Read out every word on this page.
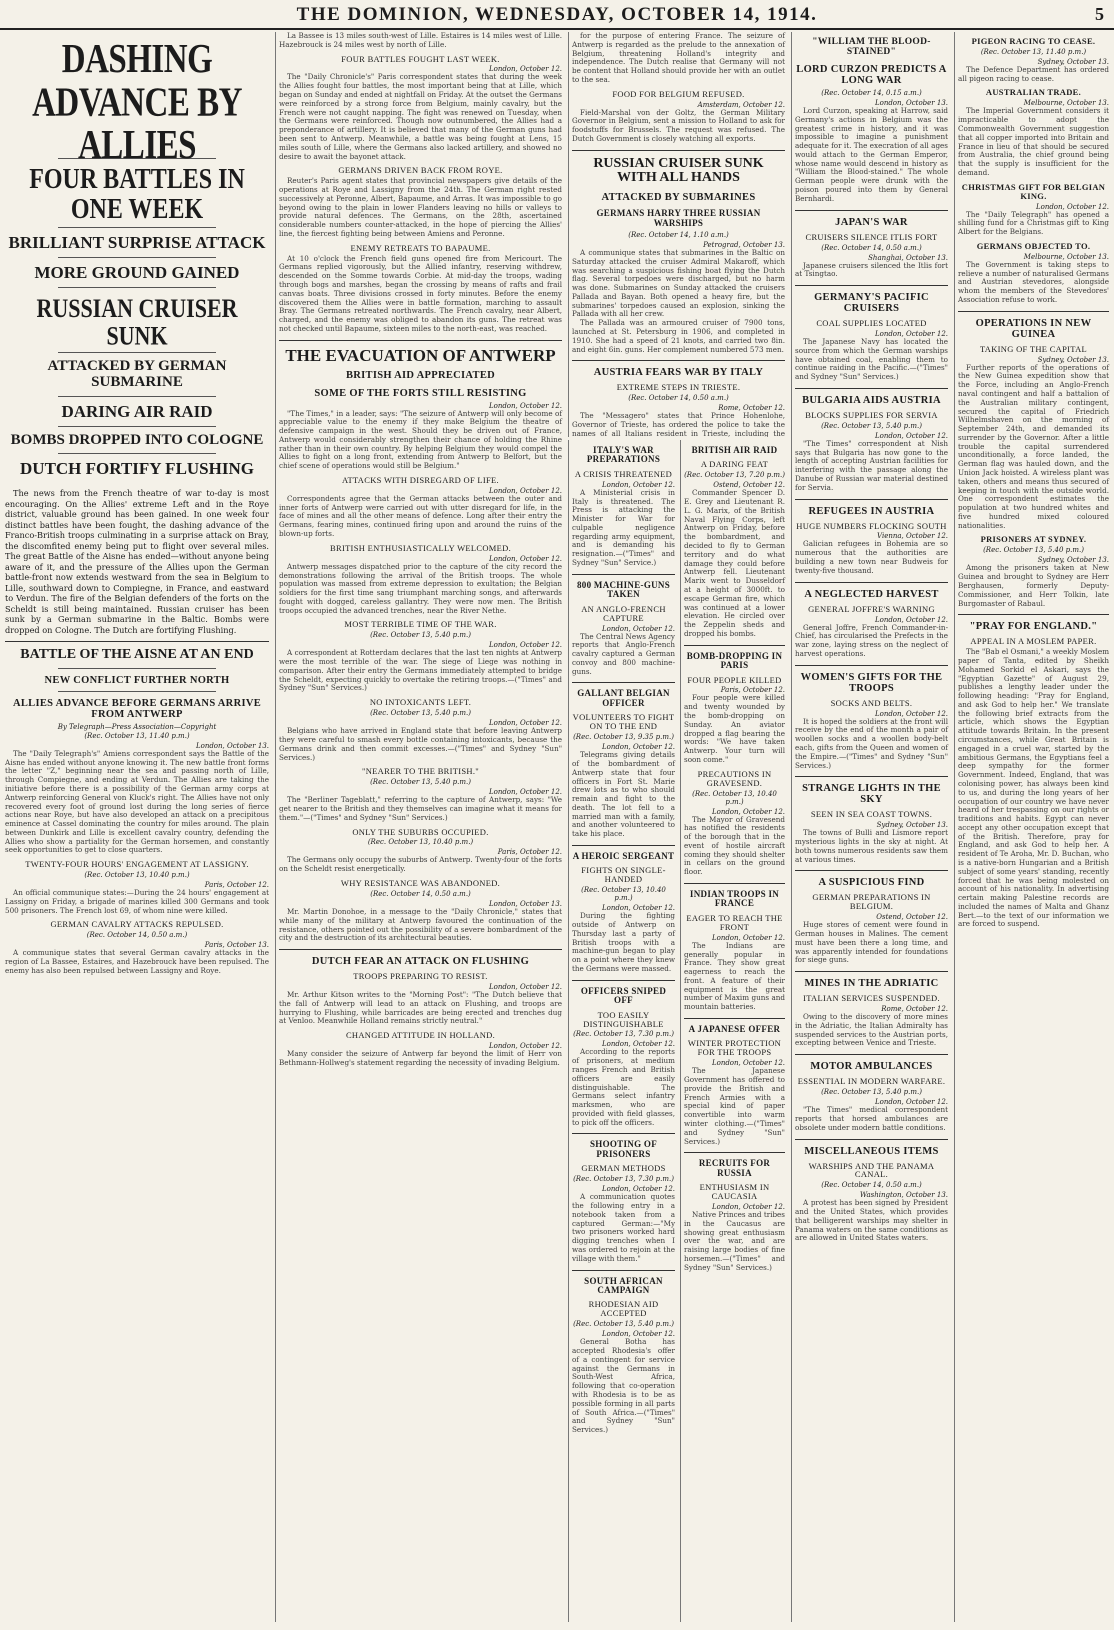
THE DOMINION, WEDNESDAY, OCTOBER 14, 1914.	5
DASHING ADVANCE BY ALLIES
FOUR BATTLES IN ONE WEEK
BRILLIANT SURPRISE ATTACK
MORE GROUND GAINED
RUSSIAN CRUISER SUNK
ATTACKED BY GERMAN SUBMARINE
DARING AIR RAID
BOMBS DROPPED INTO COLOGNE
DUTCH FORTIFY FLUSHING

The news from the French theatre of war to-day is most encouraging. On the Allies' extreme Left and in the Roye district, valuable ground has been gained. In one week four distinct battles have been fought, the dashing advance of the Franco-British troops culminating in a surprise attack on Bray, the discomfited enemy being put to flight over several miles. The great Battle of the Aisne has ended—without anyone being aware of it, and the pressure of the Allies upon the German battle-front now extends westward from the sea in Belgium to Lille, southward down to Compiegne, in France, and eastward to Verdun. The fire of the Belgian defenders of the forts on the Scheldt is still being maintained. Russian cruiser has been sunk by a German submarine in the Baltic. Bombs were dropped on Cologne. The Dutch are fortifying Flushing.

BATTLE OF THE AISNE AT AN END
NEW CONFLICT FURTHER NORTH
ALLIES ADVANCE BEFORE GERMANS ARRIVE FROM ANTWERP

By Telegraph—Press Association—Copyright

(Rec. October 13, 11.40 p.m.)

London, October 13.

The "Daily Telegraph's" Amiens correspondent says the Battle of the Aisne has ended without anyone knowing it. The new battle front forms the letter "Z," beginning near the sea and passing north of Lille, through Compiegne, and ending at Verdun. The Allies are taking the initiative before there is a possibility of the German army corps at Antwerp reinforcing General von Kluck's right. The Allies have not only recovered every foot of ground lost during the long series of fierce actions near Roye, but have also developed an attack on a precipitous eminence at Cassel dominating the country for miles around. The plain between Dunkirk and Lille is excellent cavalry country, defending the Allies who show a partiality for the German horsemen, and constantly seek opportunities to get to close quarters.

TWENTY-FOUR HOURS' ENGAGEMENT AT LASSIGNY.

(Rec. October 13, 10.40 p.m.)

Paris, October 12.

An official communique states:—During the 24 hours' engagement at Lassigny on Friday, a brigade of marines killed 300 Germans and took 500 prisoners. The French lost 69, of whom nine were killed.

GERMAN CAVALRY ATTACKS REPULSED.

(Rec. October 14, 0.50 a.m.)

Paris, October 13.

A communique states that several German cavalry attacks in the region of La Bassee, Estaires, and Hazebrouck have been repulsed. The enemy has also been repulsed between Lassigny and Roye.

La Bassee is 13 miles south-west of Lille. Estaires is 14 miles west of Lille. Hazebrouck is 24 miles west by north of Lille.

FOUR BATTLES FOUGHT LAST WEEK.

London, October 12.

The "Daily Chronicle's" Paris correspondent states that during the week the Allies fought four battles, the most important being that at Lille, which began on Sunday and ended at nightfall on Friday. At the outset the Germans were reinforced by a strong force from Belgium, mainly cavalry, but the French were not caught napping. The fight was renewed on Tuesday, when the Germans were reinforced. Though now outnumbered, the Allies had a preponderance of artillery. It is believed that many of the German guns had been sent to Antwerp. Meanwhile, a battle was being fought at Lens, 15 miles south of Lille, where the Germans also lacked artillery, and showed no desire to await the bayonet attack.

GERMANS DRIVEN BACK FROM ROYE.

Reuter's Paris agent states that provincial newspapers give details of the operations at Roye and Lassigny from the 24th. The German right rested successively at Peronne, Albert, Bapaume, and Arras. It was impossible to go beyond owing to the plain in lower Flanders leaving no hills or valleys to provide natural defences. The Germans, on the 28th, ascertained considerable numbers counter-attacked, in the hope of piercing the Allies' line, the fiercest fighting being between Amiens and Peronne.

ENEMY RETREATS TO BAPAUME.

At 10 o'clock the French field guns opened fire from Mericourt. The Germans replied vigorously, but the Allied infantry, reserving withdrew, descended on the Somme towards Corbie. At mid-day the troops, wading through bogs and marshes, began the crossing by means of rafts and frail canvas boats. Three divisions crossed in forty minutes. Before the enemy discovered them the Allies were in battle formation, marching to assault Bray. The Germans retreated northwards. The French cavalry, near Albert, charged, and the enemy was obliged to abandon its guns. The retreat was not checked until Bapaume, sixteen miles to the north-east, was reached.

THE EVACUATION OF ANTWERP
BRITISH AID APPRECIATED
SOME OF THE FORTS STILL RESISTING

London, October 12.

"The Times," in a leader, says: "The seizure of Antwerp will only become of appreciable value to the enemy if they make Belgium the theatre of defensive campaign in the west. Should they be driven out of France, Antwerp would considerably strengthen their chance of holding the Rhine rather than in their own country. By helping Belgium they would compel the Allies to fight on a long front, extending from Antwerp to Belfort, but the chief scene of operations would still be Belgium."

ATTACKS WITH DISREGARD OF LIFE.

London, October 12.

Correspondents agree that the German attacks between the outer and inner forts of Antwerp were carried out with utter disregard for life, in the face of mines and all the other means of defence. Long after their entry the Germans, fearing mines, continued firing upon and around the ruins of the blown-up forts.

BRITISH ENTHUSIASTICALLY WELCOMED.

London, October 12.

Antwerp messages dispatched prior to the capture of the city record the demonstrations following the arrival of the British troops. The whole population was massed from extreme depression to exultation; the Belgian soldiers for the first time sang triumphant marching songs, and afterwards fought with dogged, careless gallantry. They were now men. The British troops occupied the advanced trenches, near the River Nethe.

MOST TERRIBLE TIME OF THE WAR.

(Rec. October 13, 5.40 p.m.)

London, October 12.

A correspondent at Rotterdam declares that the last ten nights at Antwerp were the most terrible of the war. The siege of Liege was nothing in comparison. After their entry the Germans immediately attempted to bridge the Scheldt, expecting quickly to overtake the retiring troops.—("Times" and Sydney "Sun" Services.)

NO INTOXICANTS LEFT.

(Rec. October 13, 5.40 p.m.)

London, October 12.

Belgians who have arrived in England state that before leaving Antwerp they were careful to smash every bottle containing intoxicants, because the Germans drink and then commit excesses.—("Times" and Sydney "Sun" Services.)

"NEARER TO THE BRITISH."

(Rec. October 13, 5.40 p.m.)

London, October 12.

The "Berliner Tageblatt," referring to the capture of Antwerp, says: "We get nearer to the British and they themselves can imagine what it means for them."—("Times" and Sydney "Sun" Services.)

ONLY THE SUBURBS OCCUPIED.

(Rec. October 13, 10.40 p.m.)

Paris, October 12.

The Germans only occupy the suburbs of Antwerp. Twenty-four of the forts on the Scheldt resist energetically.

WHY RESISTANCE WAS ABANDONED.

(Rec. October 14, 0.50 a.m.)

London, October 13.

Mr. Martin Donohoe, in a message to the "Daily Chronicle," states that while many of the military at Antwerp favoured the continuation of the resistance, others pointed out the possibility of a severe bombardment of the city and the destruction of its architectural beauties.

DUTCH FEAR AN ATTACK ON FLUSHING
TROOPS PREPARING TO RESIST.

London, October 12.

Mr. Arthur Kitson writes to the "Morning Post": "The Dutch believe that the fall of Antwerp will lead to an attack on Flushing, and troops are hurrying to Flushing, while barricades are being erected and trenches dug at Venloo. Meanwhile Holland remains strictly neutral."

CHANGED ATTITUDE IN HOLLAND.

London, October 12.

Many consider the seizure of Antwerp far beyond the limit of Herr von Bethmann-Hollweg's statement regarding the necessity of invading Belgium.

for the purpose of entering France. The seizure of Antwerp is regarded as the prelude to the annexation of Belgium, threatening Holland's integrity and independence. The Dutch realise that Germany will not be content that Holland should provide her with an outlet to the sea.

FOOD FOR BELGIUM REFUSED.

Amsterdam, October 12.

Field-Marshal von der Goltz, the German Military Governor in Belgium, sent a mission to Holland to ask for foodstuffs for Brussels. The request was refused. The Dutch Government is closely watching all exports.

RUSSIAN CRUISER SUNK WITH ALL HANDS
ATTACKED BY SUBMARINES
GERMANS HARRY THREE RUSSIAN WARSHIPS

(Rec. October 14, 1.10 a.m.)

Petrograd, October 13.

A communique states that submarines in the Baltic on Saturday attacked the cruiser Admiral Makaroff, which was searching a suspicious fishing boat flying the Dutch flag. Several torpedoes were discharged, but no harm was done. Submarines on Sunday attacked the cruisers Pallada and Bayan. Both opened a heavy fire, but the submarines' torpedoes caused an explosion, sinking the Pallada with all her crew.

The Pallada was an armoured cruiser of 7900 tons, launched at St. Petersburg in 1906, and completed in 1910. She had a speed of 21 knots, and carried two 8in. and eight 6in. guns. Her complement numbered 573 men.

AUSTRIA FEARS WAR BY ITALY
EXTREME STEPS IN TRIESTE.

(Rec. October 14, 0.50 a.m.)

Rome, October 12.

The "Messagero" states that Prince Hohenlohe, Governor of Trieste, has ordered the police to take the names of all Italians resident in Trieste, including the

ITALY'S WAR PREPARATIONS
A CRISIS THREATENED

London, October 12.

A Ministerial crisis in Italy is threatened. The Press is attacking the Minister for War for culpable negligence regarding army equipment, and is demanding his resignation.—("Times" and Sydney "Sun" Service.)

800 MACHINE-GUNS TAKEN
AN ANGLO-FRENCH CAPTURE

London, October 12.

The Central News Agency reports that Anglo-French cavalry captured a German convoy and 800 machine-guns.

GALLANT BELGIAN OFFICER
VOLUNTEERS TO FIGHT ON TO THE END

(Rec. October 13, 9.35 p.m.)

London, October 12.

Telegrams giving details of the bombardment of Antwerp state that four officers in Fort St. Marie drew lots as to who should remain and fight to the death. The lot fell to a married man with a family, and another volunteered to take his place.

A HEROIC SERGEANT
FIGHTS ON SINGLE-HANDED

(Rec. October 13, 10.40 p.m.)

London, October 12.

During the fighting outside of Antwerp on Thursday last a party of British troops with a machine-gun began to play on a point where they knew the Germans were massed.

OFFICERS SNIPED OFF
TOO EASILY DISTINGUISHABLE

(Rec. October 13, 7.30 p.m.)

London, October 12.

According to the reports of prisoners, at medium ranges French and British officers are easily distinguishable. The Germans select infantry marksmen, who are provided with field glasses, to pick off the officers.

SHOOTING OF PRISONERS
GERMAN METHODS

(Rec. October 13, 7.30 p.m.)

London, October 12.

A communication quotes the following entry in a notebook taken from a captured German:—"My two prisoners worked hard digging trenches when I was ordered to rejoin at the village with them."

SOUTH AFRICAN CAMPAIGN
RHODESIAN AID ACCEPTED

(Rec. October 13, 5.40 p.m.)

London, October 12.

General Botha has accepted Rhodesia's offer of a contingent for service against the Germans in South-West Africa, following that co-operation with Rhodesia is to be as possible forming in all parts of South Africa.—("Times" and Sydney "Sun" Services.)

BRITISH AIR RAID
A DARING FEAT

(Rec. October 13, 7.20 p.m.)

Ostend, October 12.

Commander Spencer D. E. Grey and Lieutenant R. L. G. Marix, of the British Naval Flying Corps, left Antwerp on Friday, before the bombardment, and decided to fly to German territory and do what damage they could before Antwerp fell. Lieutenant Marix went to Dusseldorf at a height of 3000ft. to escape German fire, which was continued at a lower elevation. He circled over the Zeppelin sheds and dropped his bombs.

BOMB-DROPPING IN PARIS
FOUR PEOPLE KILLED

Paris, October 12.

Four people were killed and twenty wounded by the bomb-dropping on Sunday. An aviator dropped a flag bearing the words: "We have taken Antwerp. Your turn will soon come."

PRECAUTIONS IN GRAVESEND.

(Rec. October 13, 10.40 p.m.)

London, October 12.

The Mayor of Gravesend has notified the residents of the borough that in the event of hostile aircraft coming they should shelter in cellars on the ground floor.

INDIAN TROOPS IN FRANCE
EAGER TO REACH THE FRONT

London, October 12.

The Indians are generally popular in France. They show great eagerness to reach the front. A feature of their equipment is the great number of Maxim guns and mountain batteries.

A JAPANESE OFFER
WINTER PROTECTION FOR THE TROOPS

London, October 12.

The Japanese Government has offered to provide the British and French Armies with a special kind of paper convertible into warm winter clothing.—("Times" and Sydney "Sun" Services.)

RECRUITS FOR RUSSIA
ENTHUSIASM IN CAUCASIA

London, October 12.

Native Princes and tribes in the Caucasus are showing great enthusiasm over the war, and are raising large bodies of fine horsemen.—("Times" and Sydney "Sun" Services.)

"WILLIAM THE BLOOD-STAINED"
LORD CURZON PREDICTS A LONG WAR

(Rec. October 14, 0.15 a.m.)

London, October 13.

Lord Curzon, speaking at Harrow, said Germany's actions in Belgium was the greatest crime in history, and it was impossible to imagine a punishment adequate for it. The execration of all ages would attach to the German Emperor, whose name would descend in history as "William the Blood-stained." The whole German people were drunk with the poison poured into them by General Bernhardi.

JAPAN'S WAR
CRUISERS SILENCE ITLIS FORT

(Rec. October 14, 0.50 a.m.)

Shanghai, October 13.

Japanese cruisers silenced the Itlis fort at Tsingtao.

GERMANY'S PACIFIC CRUISERS
COAL SUPPLIES LOCATED

London, October 12.

The Japanese Navy has located the source from which the German warships have obtained coal, enabling them to continue raiding in the Pacific.—("Times" and Sydney "Sun" Services.)

BULGARIA AIDS AUSTRIA
BLOCKS SUPPLIES FOR SERVIA

(Rec. October 13, 5.40 p.m.)

London, October 12.

"The Times" correspondent at Nish says that Bulgaria has now gone to the length of accepting Austrian facilities for interfering with the passage along the Danube of Russian war material destined for Servia.

REFUGEES IN AUSTRIA
HUGE NUMBERS FLOCKING SOUTH

Vienna, October 12.

Galician refugees in Bohemia are so numerous that the authorities are building a new town near Budweis for twenty-five thousand.

A NEGLECTED HARVEST
GENERAL JOFFRE'S WARNING

London, October 12.

General Joffre, French Commander-in-Chief, has circularised the Prefects in the war zone, laying stress on the neglect of harvest operations.

WOMEN'S GIFTS FOR THE TROOPS
SOCKS AND BELTS.

London, October 12.

It is hoped the soldiers at the front will receive by the end of the month a pair of woollen socks and a woollen body-belt each, gifts from the Queen and women of the Empire.—("Times" and Sydney "Sun" Services.)

STRANGE LIGHTS IN THE SKY
SEEN IN SEA COAST TOWNS.

Sydney, October 13.

The towns of Bulli and Lismore report mysterious lights in the sky at night. At both towns numerous residents saw them at various times.

A SUSPICIOUS FIND
GERMAN PREPARATIONS IN BELGIUM.

Ostend, October 12.

Huge stores of cement were found in German houses in Malines. The cement must have been there a long time, and was apparently intended for foundations for siege guns.

MINES IN THE ADRIATIC
ITALIAN SERVICES SUSPENDED.

Rome, October 12.

Owing to the discovery of more mines in the Adriatic, the Italian Admiralty has suspended services to the Austrian ports, excepting between Venice and Trieste.

MOTOR AMBULANCES
ESSENTIAL IN MODERN WARFARE.

(Rec. October 13, 5.40 p.m.)

London, October 12.

"The Times" medical correspondent reports that horsed ambulances are obsolete under modern battle conditions.

MISCELLANEOUS ITEMS
WARSHIPS AND THE PANAMA CANAL.

(Rec. October 14, 0.50 a.m.)

Washington, October 13.

A protest has been signed by President and the United States, which provides that belligerent warships may shelter in Panama waters on the same conditions as are allowed in United States waters.

PIGEON RACING TO CEASE.

(Rec. October 13, 11.40 p.m.)

Sydney, October 13.

The Defence Department has ordered all pigeon racing to cease.

AUSTRALIAN TRADE.

Melbourne, October 13.

The Imperial Government considers it impracticable to adopt the Commonwealth Government suggestion that all copper imported into Britain and France in lieu of that should be secured from Australia, the chief ground being that the supply is insufficient for the demand.

CHRISTMAS GIFT FOR BELGIAN KING.

London, October 12.

The "Daily Telegraph" has opened a shilling fund for a Christmas gift to King Albert for the Belgians.

GERMANS OBJECTED TO.

Melbourne, October 13.

The Government is taking steps to relieve a number of naturalised Germans and Austrian stevedores, alongside whom the members of the Stevedores' Association refuse to work.

OPERATIONS IN NEW GUINEA
TAKING OF THE CAPITAL

Sydney, October 13.

Further reports of the operations of the New Guinea expedition show that the Force, including an Anglo-French naval contingent and half a battalion of the Australian military contingent, secured the capital of Friedrich Wilhelmshaven on the morning of September 24th, and demanded its surrender by the Governor. After a little trouble the capital surrendered unconditionally, a force landed, the German flag was hauled down, and the Union Jack hoisted. A wireless plant was taken, others and means thus secured of keeping in touch with the outside world. One correspondent estimates the population at two hundred whites and five hundred mixed coloured nationalities.

PRISONERS AT SYDNEY.

(Rec. October 13, 5.40 p.m.)

Sydney, October 13.

Among the prisoners taken at New Guinea and brought to Sydney are Herr Berghausen, formerly Deputy-Commissioner, and Herr Tolkin, late Burgomaster of Rabaul.

"PRAY FOR ENGLAND."
APPEAL IN A MOSLEM PAPER.

The "Bab el Osmani," a weekly Moslem paper of Tanta, edited by Sheikh Mohamed Sorkid el Askari, says the "Egyptian Gazette" of August 29, publishes a lengthy leader under the following heading: "Pray for England, and ask God to help her." We translate the following brief extracts from the article, which shows the Egyptian attitude towards Britain. In the present circumstances, while Great Britain is engaged in a cruel war, started by the ambitious Germans, the Egyptians feel a deep sympathy for the former Government. Indeed, England, that was colonising power, has always been kind to us, and during the long years of her occupation of our country we have never heard of her trespassing on our rights or traditions and habits. Egypt can never accept any other occupation except that of the British. Therefore, pray for England, and ask God to help her. A resident of Te Aroha, Mr. D. Buchan, who is a native-born Hungarian and a British subject of some years' standing, recently forced that he was being molested on account of his nationality. In advertising certain making Palestine records are included the names of Malta and Ghanz Bert.—to the text of our information we are forced to suspend.
